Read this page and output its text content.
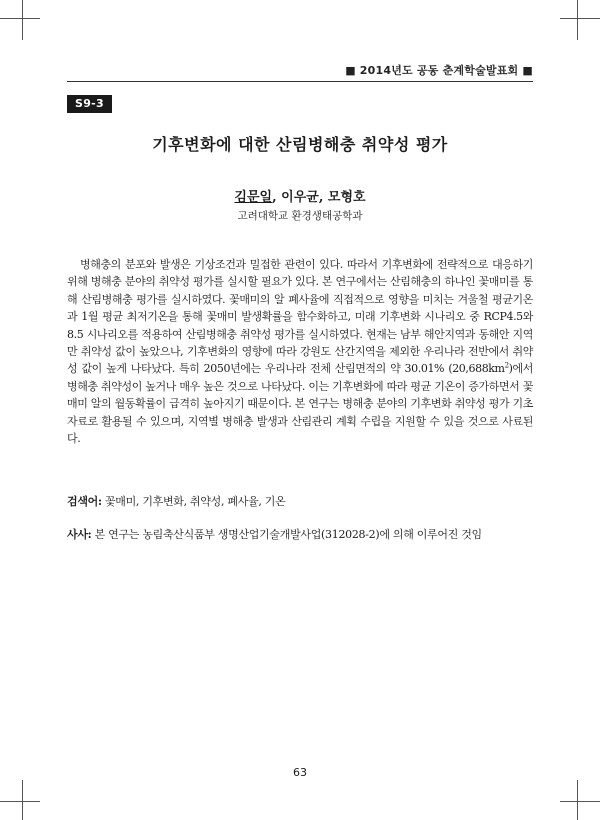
■ 2014년도 공동 춘계학술발표회 ■
S9-3
기후변화에 대한 산림병해충 취약성 평가
김문일, 이우균, 모형호
고려대학교 환경생태공학과

병해충의 분포와 발생은 기상조건과 밀접한 관련이 있다. 따라서 기후변화에 전략적으로 대응하기 위해 병해충 분야의 취약성 평가를 실시할 필요가 있다. 본 연구에서는 산림해충의 하나인 꽃매미를 통해 산림병해충 평가를 실시하였다. 꽃매미의 알 폐사율에 직접적으로 영향을 미치는 겨울철 평균기온과 1월 평균 최저기온을 통해 꽃매미 발생확률을 함수화하고, 미래 기후변화 시나리오 중 RCP4.5와 8.5 시나리오를 적용하여 산림병해충 취약성 평가를 실시하였다. 현재는 남부 해안지역과 동해안 지역만 취약성 값이 높았으나, 기후변화의 영향에 따라 강원도 산간지역을 제외한 우리나라 전반에서 취약성 값이 높게 나타났다. 특히 2050년에는 우리나라 전체 산림면적의 약 30.01% $(20,688km^2)$에서 병해충 취약성이 높거나 매우 높은 것으로 나타났다. 이는 기후변화에 따라 평균 기온이 증가하면서 꽃매미 알의 월동확률이 급격히 높아지기 때문이다. 본 연구는 병해충 분야의 기후변화 취약성 평가 기초자료로 활용될 수 있으며, 지역별 병해충 발생과 산림관리 계획 수립을 지원할 수 있을 것으로 사료된다.

검색어: 꽃매미, 기후변화, 취약성, 폐사율, 기온
사사: 본 연구는 농림축산식품부 생명산업기술개발사업(312028-2)에 의해 이루어진 것임
63
